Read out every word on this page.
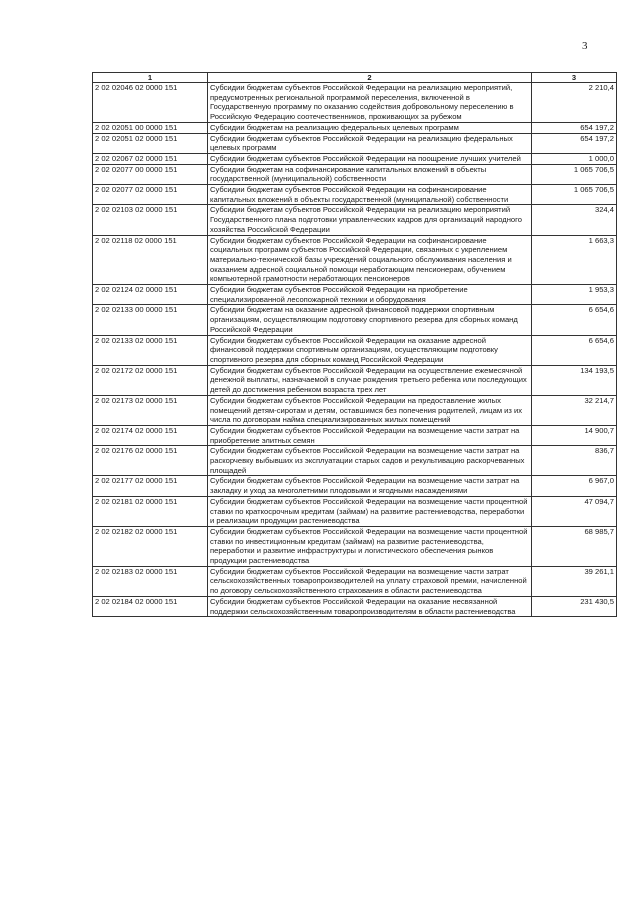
3
1	2	3
2 02 02046 02 0000 151	Субсидии бюджетам субъектов Российской Федерации на реализацию мероприятий, предусмотренных региональной программой переселения, включенной в Государственную программу по оказанию содействия добровольному переселению в Российскую Федерацию соотечественников, проживающих за рубежом	2 210,4
2 02 02051 00 0000 151	Субсидии бюджетам на реализацию федеральных целевых программ	654 197,2
2 02 02051 02 0000 151	Субсидии бюджетам субъектов Российской Федерации на реализацию федеральных целевых программ	654 197,2
2 02 02067 02 0000 151	Субсидии бюджетам субъектов Российской Федерации на поощрение лучших учителей	1 000,0
2 02 02077 00 0000 151	Субсидии бюджетам на софинансирование капитальных вложений в объекты государственной (муниципальной) собственности	1 065 706,5
2 02 02077 02 0000 151	Субсидии бюджетам субъектов Российской Федерации на софинансирование капитальных вложений в объекты государственной (муниципальной) собственности	1 065 706,5
2 02 02103 02 0000 151	Субсидии бюджетам субъектов Российской Федерации на реализацию мероприятий Государственного плана подготовки управленческих кадров для организаций народного хозяйства Российской Федерации	324,4
2 02 02118 02 0000 151	Субсидии бюджетам субъектов Российской Федерации на софинансирование социальных программ субъектов Российской Федерации, связанных с укреплением материально-технической базы учреждений социального обслуживания населения и оказанием адресной социальной помощи неработающим пенсионерам, обучением компьютерной грамотности неработающих пенсионеров	1 663,3
2 02 02124 02 0000 151	Субсидии бюджетам субъектов Российской Федерации на приобретение специализированной лесопожарной техники и оборудования	1 953,3
2 02 02133 00 0000 151	Субсидии бюджетам на оказание адресной финансовой поддержки спортивным организациям, осуществляющим подготовку спортивного резерва для сборных команд Российской Федерации	6 654,6
2 02 02133 02 0000 151	Субсидии бюджетам субъектов Российской Федерации на оказание адресной финансовой поддержки спортивным организациям, осуществляющим подготовку спортивного резерва для сборных команд Российской Федерации	6 654,6
2 02 02172 02 0000 151	Субсидии бюджетам субъектов Российской Федерации на осуществление ежемесячной денежной выплаты, назначаемой в случае рождения третьего ребенка или последующих детей до достижения ребенком возраста трех лет	134 193,5
2 02 02173 02 0000 151	Субсидии бюджетам субъектов Российской Федерации на предоставление жилых помещений детям-сиротам и детям, оставшимся без попечения родителей, лицам из их числа по договорам найма специализированных жилых помещений	32 214,7
2 02 02174 02 0000 151	Субсидии бюджетам субъектов Российской Федерации на возмещение части затрат на приобретение элитных семян	14 900,7
2 02 02176 02 0000 151	Субсидии бюджетам субъектов Российской Федерации на возмещение части затрат на раскорчевку выбывших из эксплуатации старых садов и рекультивацию раскорчеванных площадей	836,7
2 02 02177 02 0000 151	Субсидии бюджетам субъектов Российской Федерации на возмещение части затрат на закладку и уход за многолетними плодовыми и ягодными насаждениями	6 967,0
2 02 02181 02 0000 151	Субсидии бюджетам субъектов Российской Федерации на возмещение части процентной ставки по краткосрочным кредитам (займам) на развитие растениеводства, переработки и реализации продукции растениеводства	47 094,7
2 02 02182 02 0000 151	Субсидии бюджетам субъектов Российской Федерации на возмещение части процентной ставки по инвестиционным кредитам (займам) на развитие растениеводства, переработки и развитие инфраструктуры и логистического обеспечения рынков продукции растениеводства	68 985,7
2 02 02183 02 0000 151	Субсидии бюджетам субъектов Российской Федерации на возмещение части затрат сельскохозяйственных товаропроизводителей на уплату страховой премии, начисленной по договору сельскохозяйственного страхования в области растениеводства	39 261,1
2 02 02184 02 0000 151	Субсидии бюджетам субъектов Российской Федерации на оказание несвязанной поддержки сельскохозяйственным товаропроизводителям в области растениеводства	231 430,5
